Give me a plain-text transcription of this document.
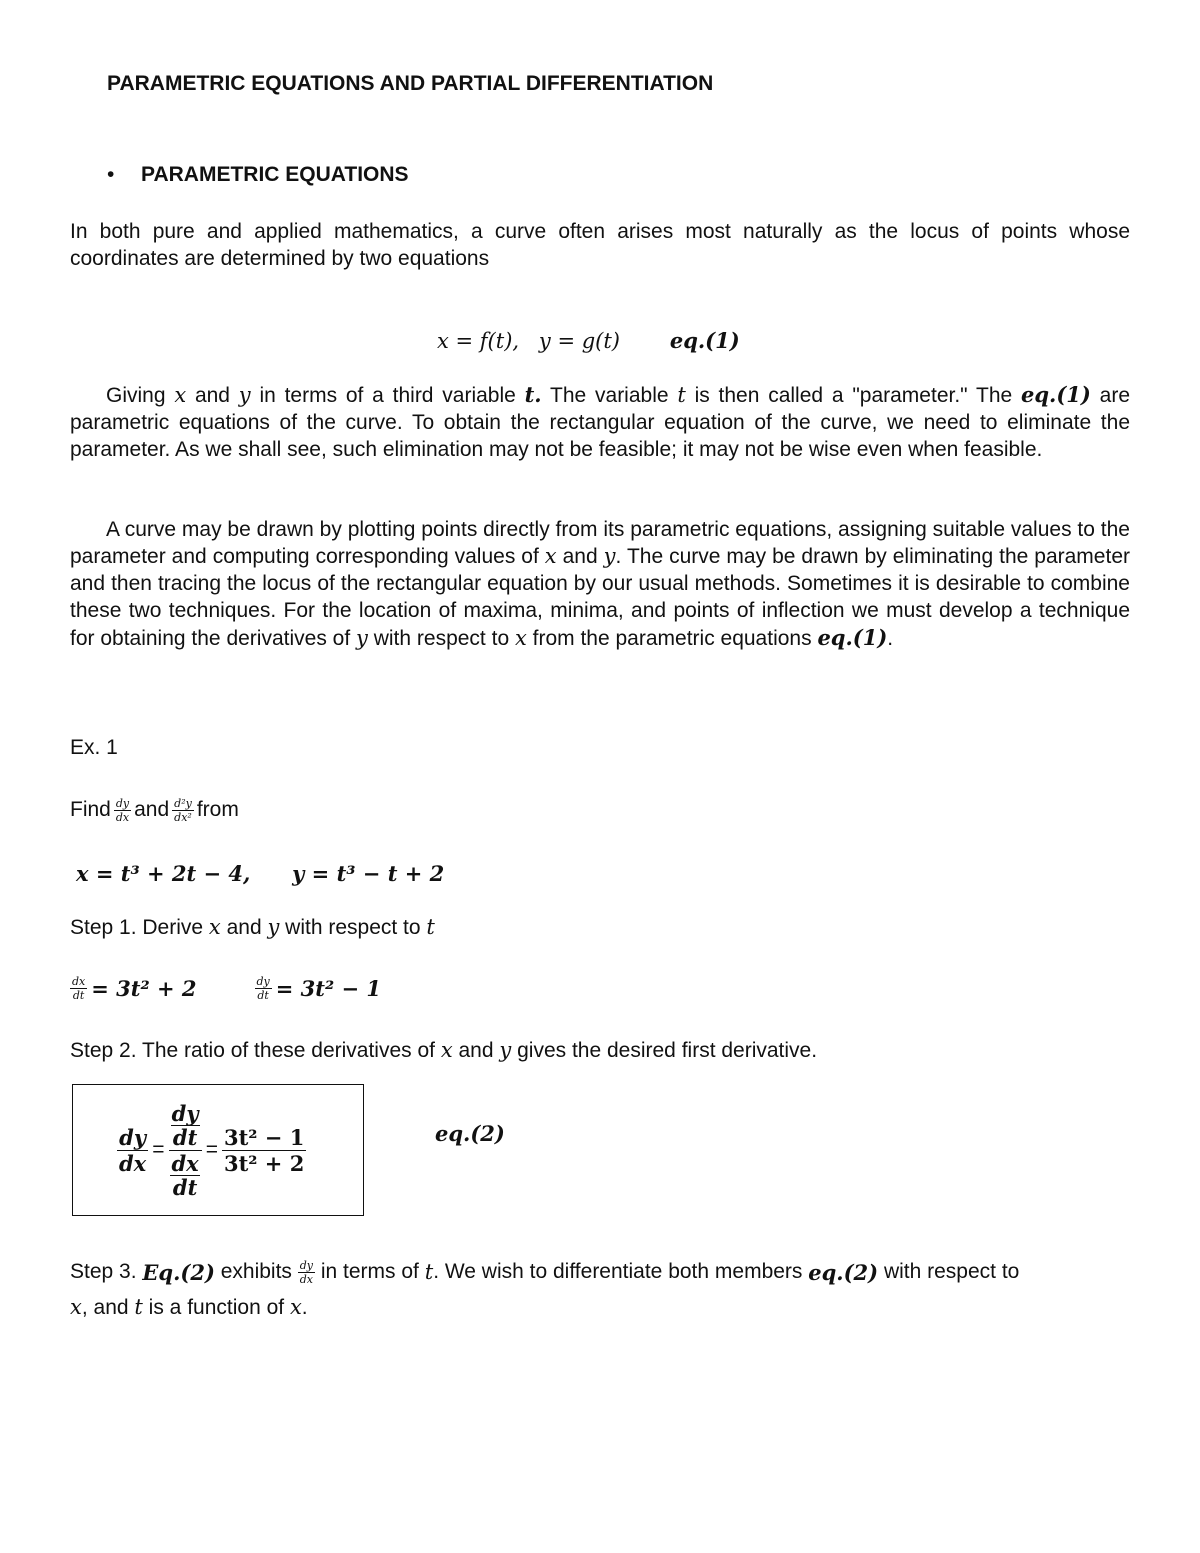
PARAMETRIC EQUATIONS AND PARTIAL DIFFERENTIATION
• PARAMETRIC EQUATIONS
In both pure and applied mathematics, a curve often arises most naturally as the locus of points whose coordinates are determined by two equations
x = f(t), y = g(t) eq.(1)
Giving x and y in terms of a third variable t. The variable t is then called a "parameter." The eq.(1) are parametric equations of the curve. To obtain the rectangular equation of the curve, we need to eliminate the parameter. As we shall see, such elimination may not be feasible; it may not be wise even when feasible.
A curve may be drawn by plotting points directly from its parametric equations, assigning suitable values to the parameter and computing corresponding values of x and y. The curve may be drawn by eliminating the parameter and then tracing the locus of the rectangular equation by our usual methods. Sometimes it is desirable to combine these two techniques. For the location of maxima, minima, and points of inflection we must develop a technique for obtaining the derivatives of y with respect to x from the parametric equations eq.(1).
Ex. 1
Find $\frac{dy}{dx}$ and $\frac{\text{d²y}}{\text{dx²}}$ from
x = t³ + 2t − 4, y = t³ − t + 2
Step 1. Derive x and y with respect to t
$\frac{dx}{dt} = 3t^2 + 2$	$\frac{dy}{dt} = 3t^2 - 1$
Step 2. The ratio of these derivatives of x and y gives the desired first derivative.
$\frac{dy}{dx}$ = dy
dt
dx
dt = $\frac{\text{3t² − 1}}{\text{3t² + 2}}$	eq.(2)
Step 3. Eq.(2) exhibits $\frac{dy}{dx}$ in terms of t . We wish to differentiate both members eq.(2) with respect to
x, and t is a function of x.
